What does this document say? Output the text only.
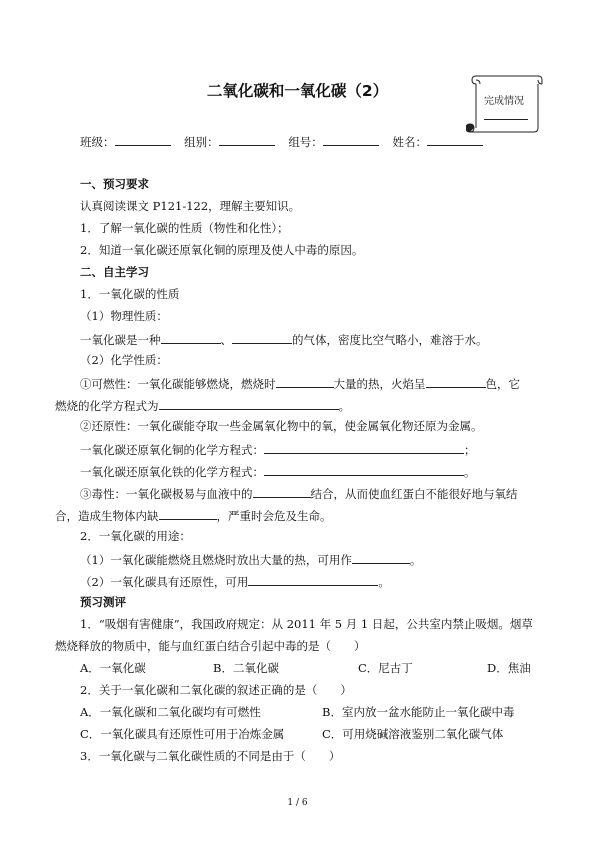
二氧化碳和一氧化碳（2）
完成情况
班级：	组别：	组号：	姓名：
一、预习要求
认真阅读课文 P121-122，理解主要知识。
1．了解一氧化碳的性质（物性和化性）；
2．知道一氧化碳还原氧化铜的原理及使人中毒的原因。
二、自主学习
1．一氧化碳的性质
（1）物理性质：
一氧化碳是一种	、	的气体，密度比空气略小，难溶于水。
（2）化学性质：
①可燃性：一氧化碳能够燃烧，燃烧时	大量的热，火焰呈	色，它
燃烧的化学方程式为	。
②还原性：一氧化碳能夺取一些金属氧化物中的氧，使金属氧化物还原为金属。
一氧化碳还原氧化铜的化学方程式：	；
一氧化碳还原氧化铁的化学方程式：	。
③毒性：一氧化碳极易与血液中的	结合，从而使血红蛋白不能很好地与氧结
合，造成生物体内缺	，严重时会危及生命。
2．一氧化碳的用途：
（1）一氧化碳能燃烧且燃烧时放出大量的热，可用作	。
（2）一氧化碳具有还原性，可用	。
预习测评
1．“吸烟有害健康”，我国政府规定：从 2011 年 5 月 1 日起，公共室内禁止吸烟。烟草
燃烧释放的物质中，能与血红蛋白结合引起中毒的是（　　）
A．一氧化碳	B．二氧化碳	C．尼古丁	D．焦油
2．关于一氧化碳和二氧化碳的叙述正确的是（　　）
A．一氧化碳和二氧化碳均有可燃性	B．室内放一盆水能防止一氧化碳中毒
C．一氧化碳具有还原性可用于冶炼金属	C．可用烧碱溶液鉴别二氧化碳气体
3．一氧化碳与二氧化碳性质的不同是由于（　　）
1 / 6
